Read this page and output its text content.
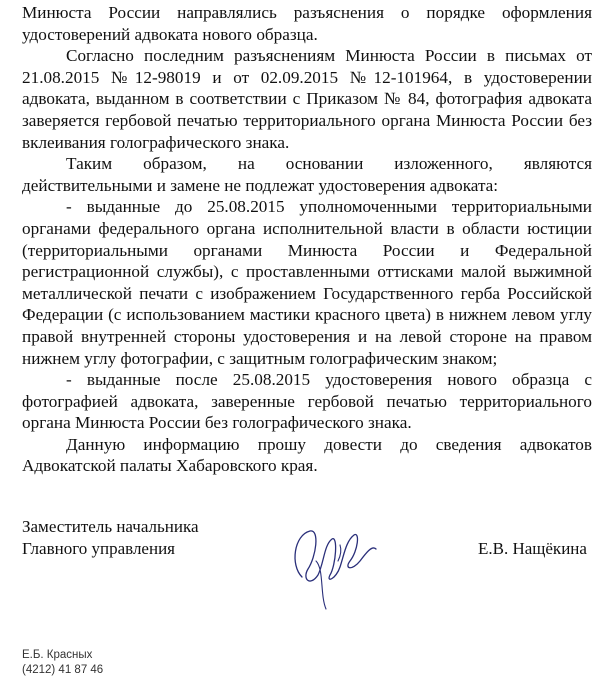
Минюста России направлялись разъяснения о порядке оформления удостоверений адвоката нового образца.

Согласно последним разъяснениям Минюста России в письмах от 21.08.2015 №12-98019 и от 02.09.2015 №12-101964, в удостоверении адвоката, выданном в соответствии с Приказом № 84, фотография адвоката заверяется гербовой печатью территориального органа Минюста России без вклеивания голографического знака.

Таким образом, на основании изложенного, являются действительными и замене не подлежат удостоверения адвоката:

- выданные до 25.08.2015 уполномоченными территориальными органами федерального органа исполнительной власти в области юстиции (территориальными органами Минюста России и Федеральной регистрационной службы), с проставленными оттисками малой выжимной металлической печати с изображением Государственного герба Российской Федерации (с использованием мастики красного цвета) в нижнем левом углу правой внутренней стороны удостоверения и на левой стороне на правом нижнем углу фотографии, с защитным голографическим знаком;

- выданные после 25.08.2015 удостоверения нового образца с фотографией адвоката, заверенные гербовой печатью территориального органа Минюста России без голографического знака.

Данную информацию прошу довести до сведения адвокатов Адвокатской палаты Хабаровского края.

Заместитель начальника
Главного управления	Е.В. Нащёкина
Е.Б. Красных
(4212) 41 87 46
